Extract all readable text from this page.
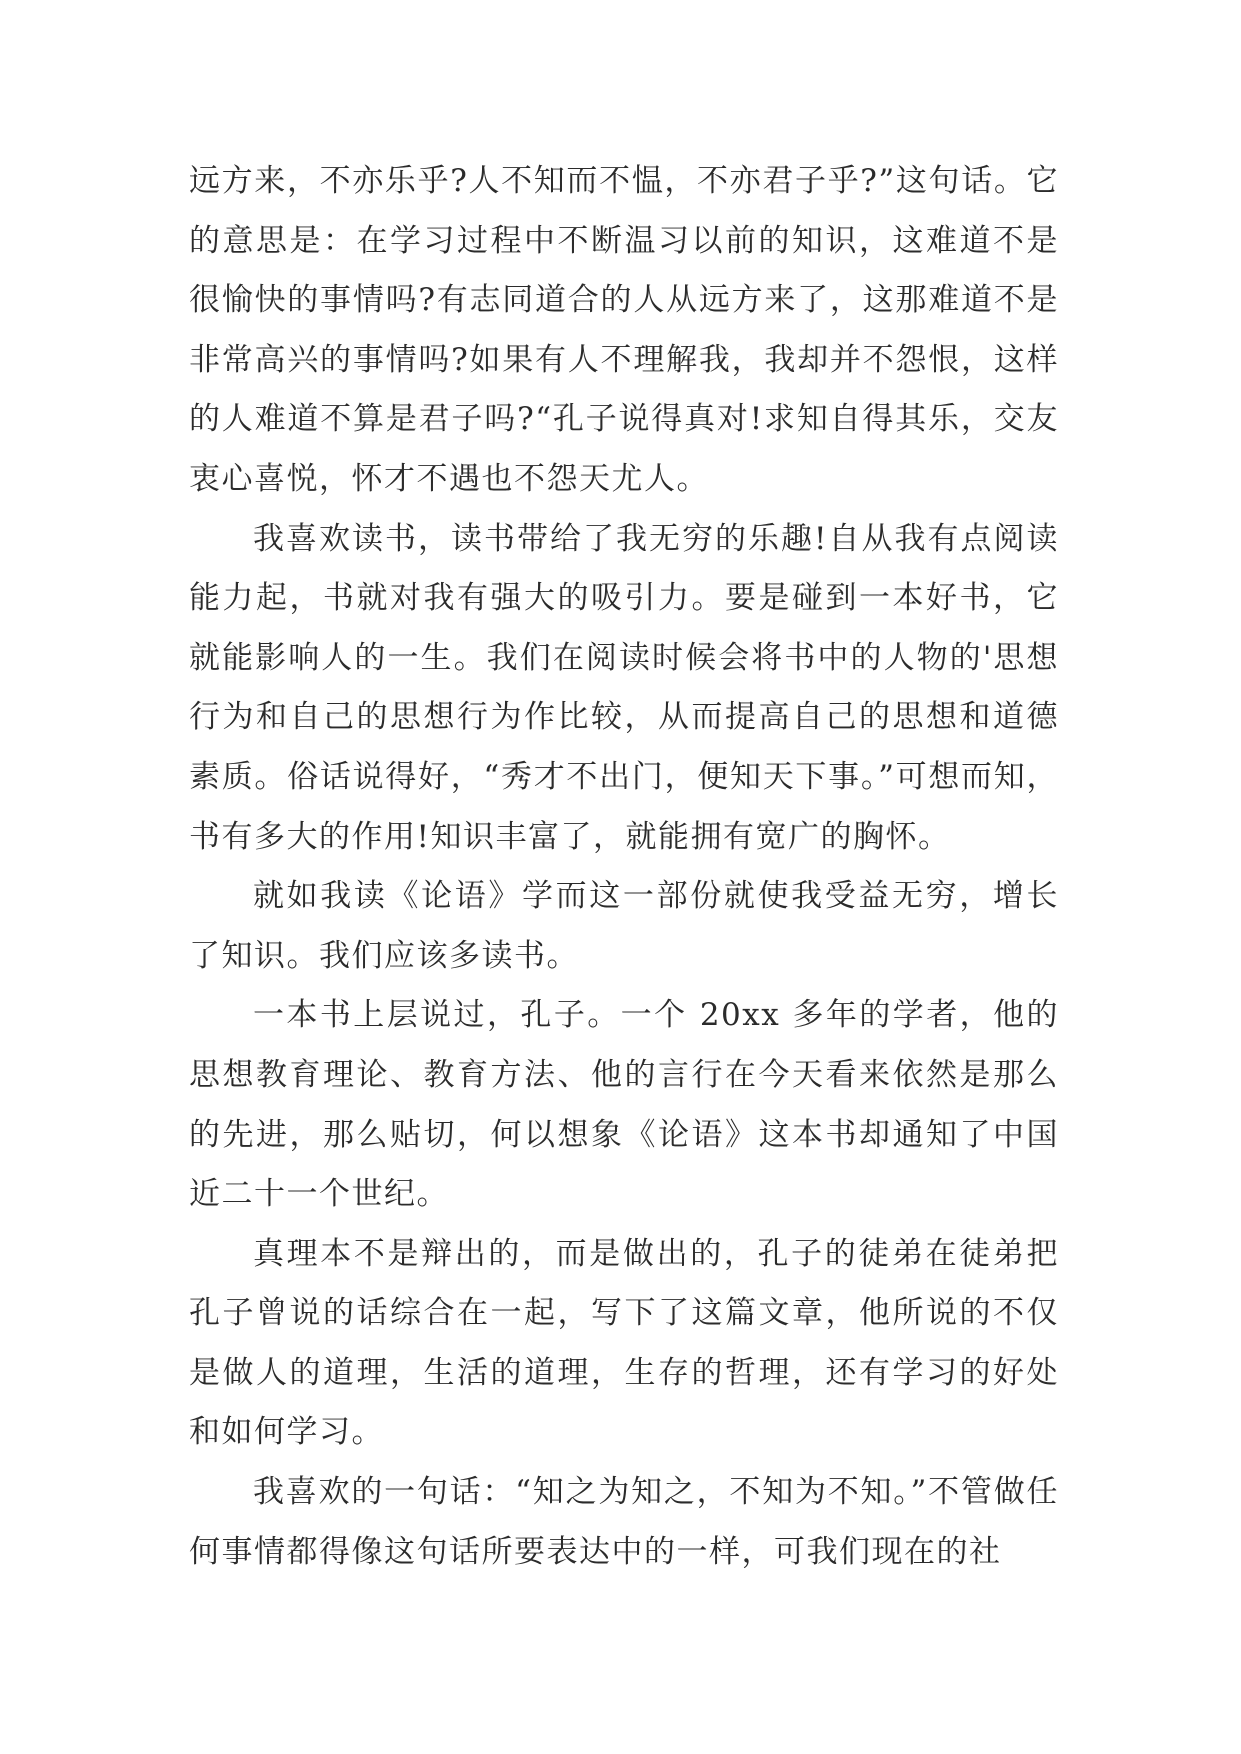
远方来，不亦乐乎?人不知而不愠，不亦君子乎?”这句话。它的意思是：在学习过程中不断温习以前的知识，这难道不是很愉快的事情吗?有志同道合的人从远方来了，这那难道不是非常高兴的事情吗?如果有人不理解我，我却并不怨恨，这样的人难道不算是君子吗?“孔子说得真对!求知自得其乐，交友衷心喜悦，怀才不遇也不怨天尤人。

我喜欢读书，读书带给了我无穷的乐趣!自从我有点阅读能力起，书就对我有强大的吸引力。要是碰到一本好书，它就能影响人的一生。我们在阅读时候会将书中的人物的'思想行为和自己的思想行为作比较，从而提高自己的思想和道德素质。俗话说得好，“秀才不出门，便知天下事。”可想而知，书有多大的作用!知识丰富了，就能拥有宽广的胸怀。

就如我读《论语》学而这一部份就使我受益无穷，增长了知识。我们应该多读书。

一本书上层说过，孔子。一个 20xx 多年的学者，他的思想教育理论、教育方法、他的言行在今天看来依然是那么的先进，那么贴切，何以想象《论语》这本书却通知了中国近二十一个世纪。

真理本不是辩出的，而是做出的，孔子的徒弟在徒弟把孔子曾说的话综合在一起，写下了这篇文章，他所说的不仅是做人的道理，生活的道理，生存的哲理，还有学习的好处和如何学习。

我喜欢的一句话：“知之为知之，不知为不知。”不管做任何事情都得像这句话所要表达中的一样，可我们现在的社
